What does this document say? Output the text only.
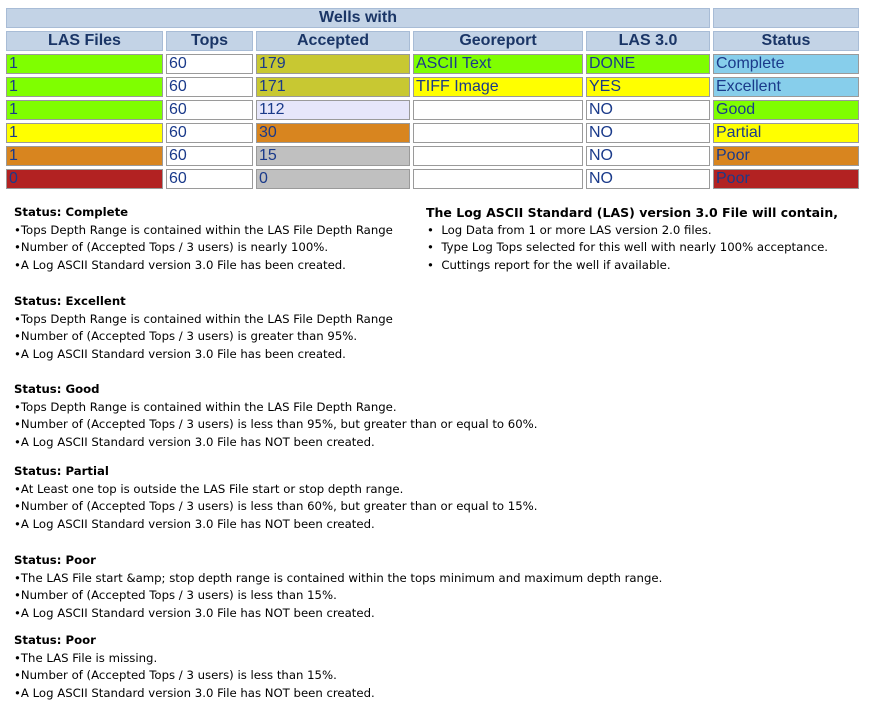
Wells with					
LAS Files	Tops	Accepted	Georeport	LAS 3.0	Status
1	60	179	ASCII Text	DONE	Complete
1	60	171	TIFF Image	YES	Excellent
1	60	112		NO	Good
1	60	30		NO	Partial
1	60	15		NO	Poor
0	60	0		NO	Poor
Status: Complete
•Tops Depth Range is contained within the LAS File Depth Range
•Number of (Accepted Tops / 3 users) is nearly 100%.
•A Log ASCII Standard version 3.0 File has been created.
Status: Excellent
•Tops Depth Range is contained within the LAS File Depth Range
•Number of (Accepted Tops / 3 users) is greater than 95%.
•A Log ASCII Standard version 3.0 File has been created.
Status: Good
•Tops Depth Range is contained within the LAS File Depth Range.
•Number of (Accepted Tops / 3 users) is less than 95%, but greater than or equal to 60%.
•A Log ASCII Standard version 3.0 File has NOT been created.
Status: Partial
•At Least one top is outside the LAS File start or stop depth range.
•Number of (Accepted Tops / 3 users) is less than 60%, but greater than or equal to 15%.
•A Log ASCII Standard version 3.0 File has NOT been created.
Status: Poor
•The LAS File start &amp; stop depth range is contained within the tops minimum and maximum depth range.
•Number of (Accepted Tops / 3 users) is less than 15%.
•A Log ASCII Standard version 3.0 File has NOT been created.
Status: Poor
•The LAS File is missing.
•Number of (Accepted Tops / 3 users) is less than 15%.
•A Log ASCII Standard version 3.0 File has NOT been created.
The Log ASCII Standard (LAS) version 3.0 File will contain,
•  Log Data from 1 or more LAS version 2.0 files.
•  Type Log Tops selected for this well with nearly 100% acceptance.
•  Cuttings report for the well if available.
